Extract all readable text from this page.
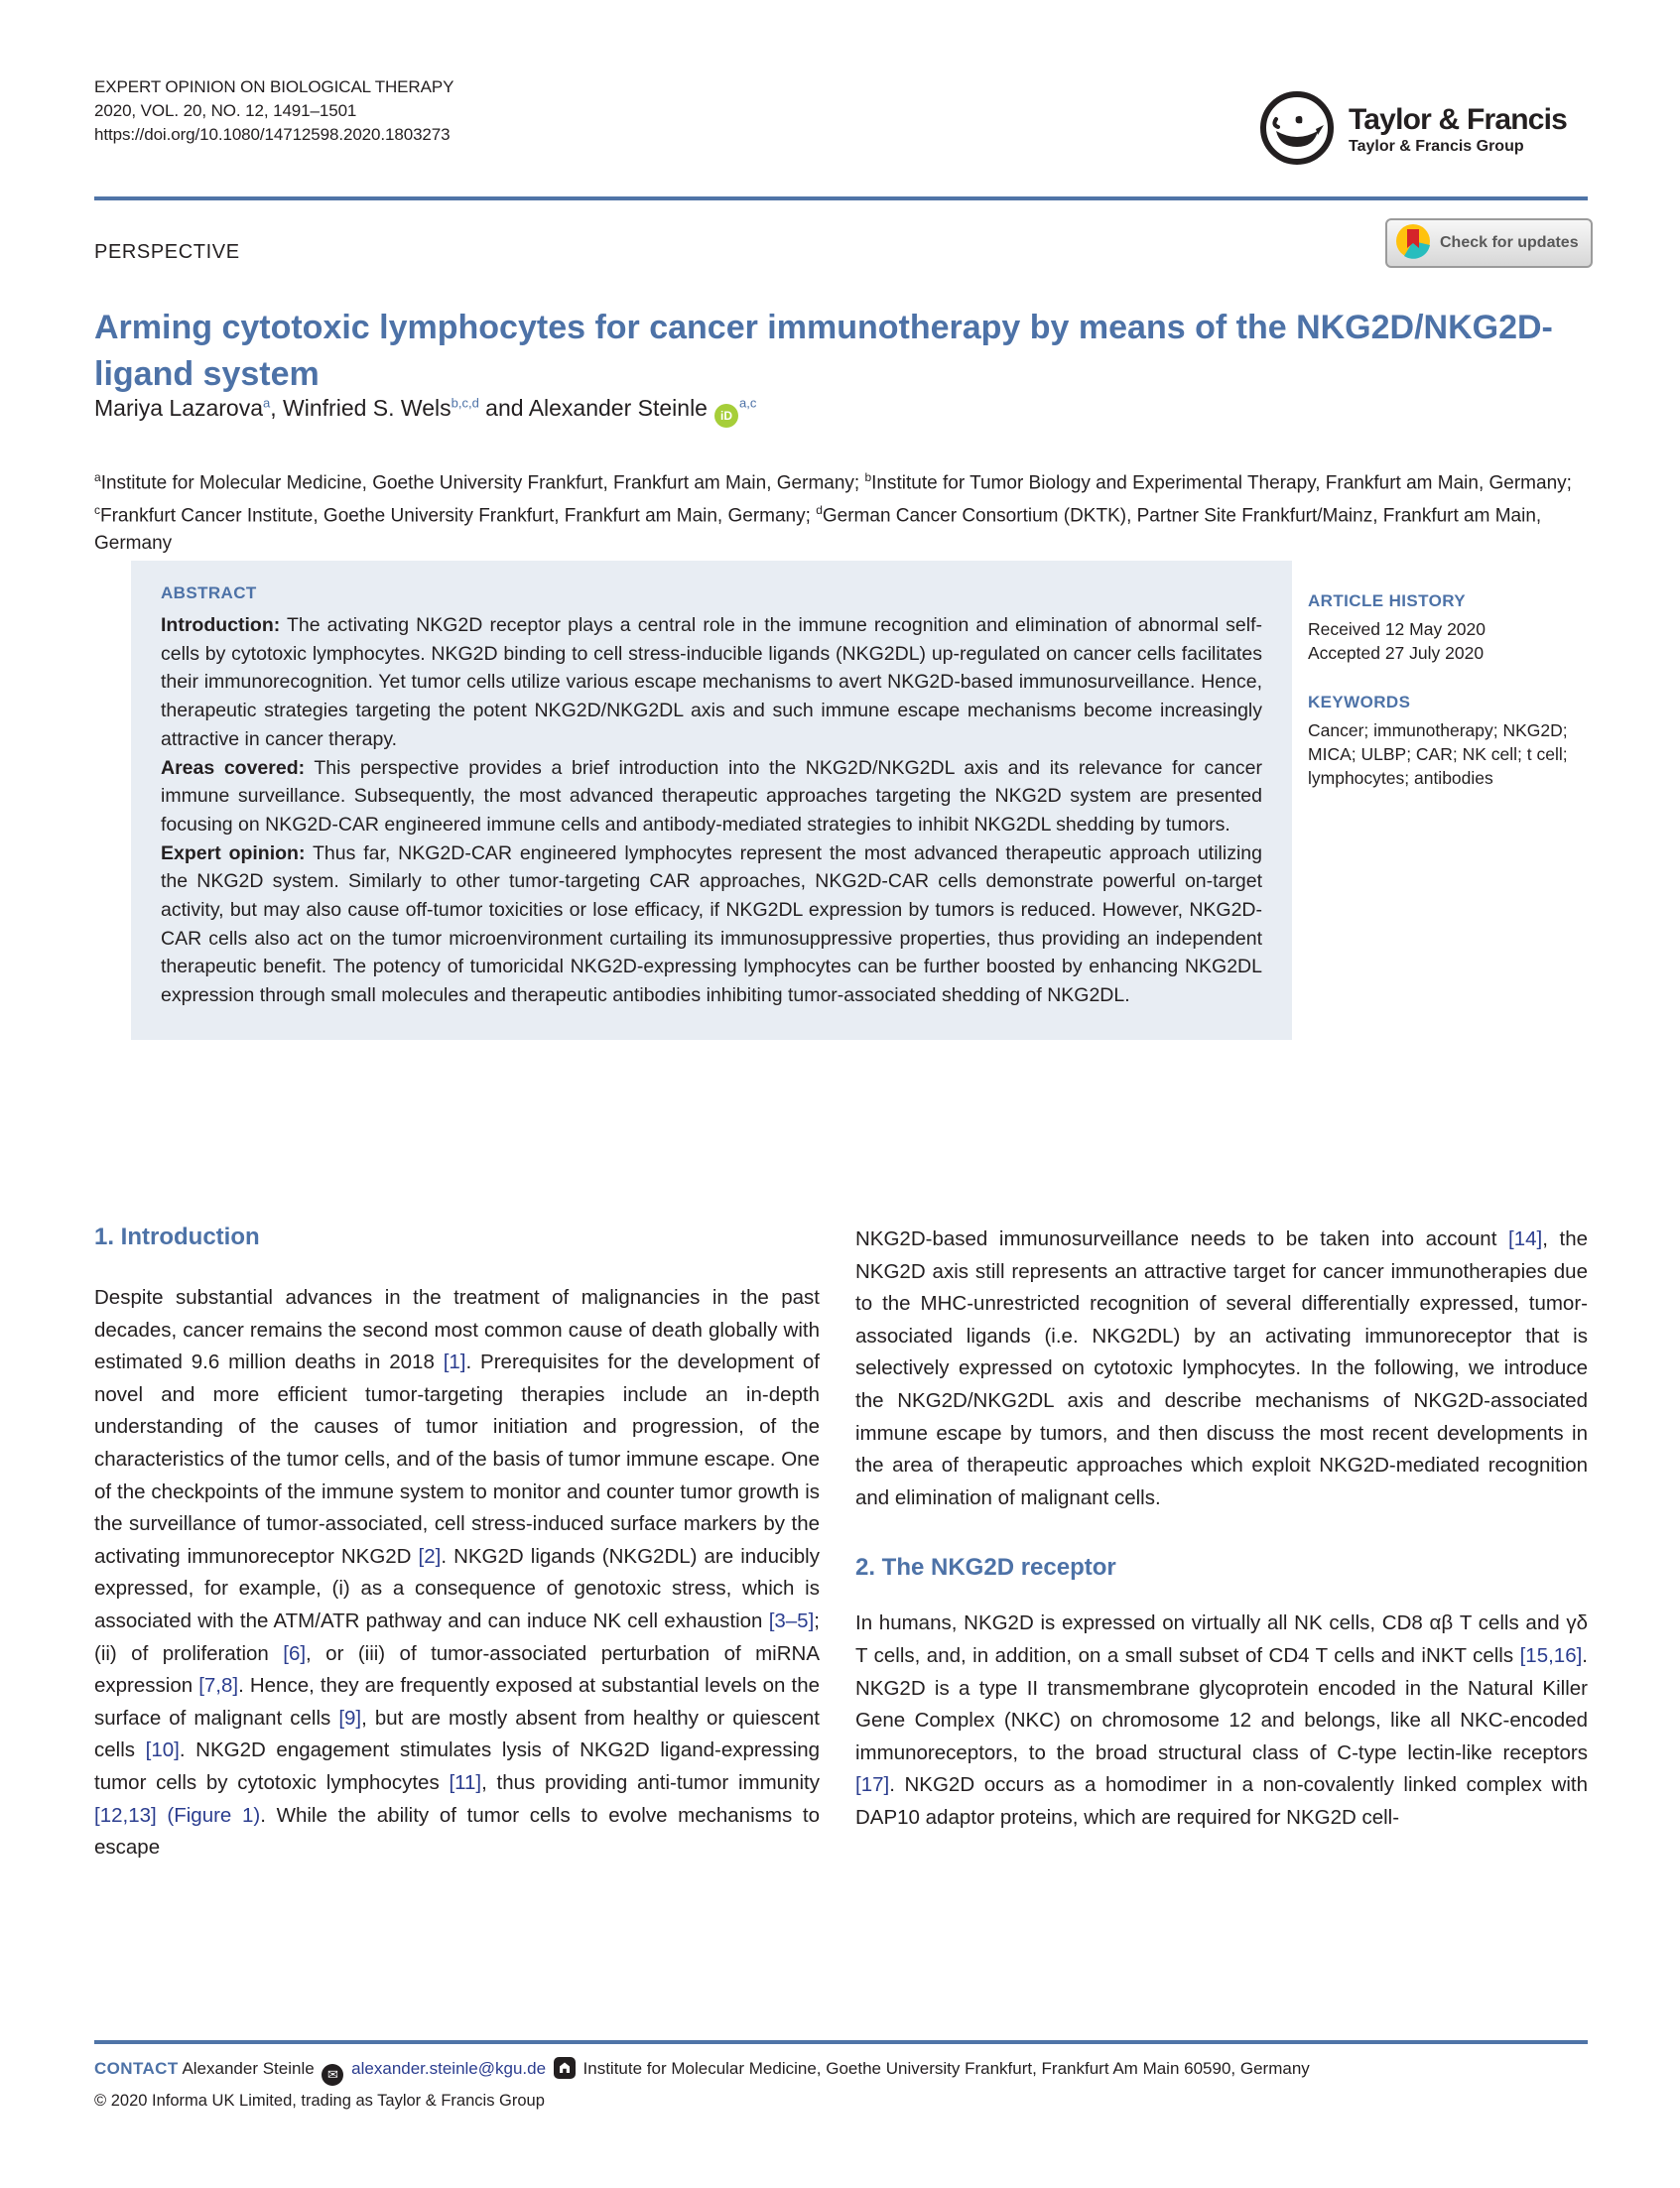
EXPERT OPINION ON BIOLOGICAL THERAPY
2020, VOL. 20, NO. 12, 1491–1501
https://doi.org/10.1080/14712598.2020.1803273	Taylor & Francis
Taylor & Francis Group
PERSPECTIVE	Check for updates
Arming cytotoxic lymphocytes for cancer immunotherapy by means of the NKG2D/NKG2D-ligand system
Mariya Lazarova$^a$, Winfried S. Wels$^{b,c,d}$ and Alexander Steinle iD$^{a,c}$

$^a$Institute for Molecular Medicine, Goethe University Frankfurt, Frankfurt am Main, Germany; $^b$Institute for Tumor Biology and Experimental Therapy, Frankfurt am Main, Germany; $^c$Frankfurt Cancer Institute, Goethe University Frankfurt, Frankfurt am Main, Germany; $^d$German Cancer Consortium (DKTK), Partner Site Frankfurt/Mainz, Frankfurt am Main, Germany

ABSTRACT

Introduction: The activating NKG2D receptor plays a central role in the immune recognition and elimination of abnormal self-cells by cytotoxic lymphocytes. NKG2D binding to cell stress-inducible ligands (NKG2DL) up-regulated on cancer cells facilitates their immunorecognition. Yet tumor cells utilize various escape mechanisms to avert NKG2D-based immunosurveillance. Hence, therapeutic strategies targeting the potent NKG2D/NKG2DL axis and such immune escape mechanisms become increasingly attractive in cancer therapy.

Areas covered: This perspective provides a brief introduction into the NKG2D/NKG2DL axis and its relevance for cancer immune surveillance. Subsequently, the most advanced therapeutic approaches targeting the NKG2D system are presented focusing on NKG2D-CAR engineered immune cells and antibody-mediated strategies to inhibit NKG2DL shedding by tumors.

Expert opinion: Thus far, NKG2D-CAR engineered lymphocytes represent the most advanced therapeutic approach utilizing the NKG2D system. Similarly to other tumor-targeting CAR approaches, NKG2D-CAR cells demonstrate powerful on-target activity, but may also cause off-tumor toxicities or lose efficacy, if NKG2DL expression by tumors is reduced. However, NKG2D-CAR cells also act on the tumor microenvironment curtailing its immunosuppressive properties, thus providing an independent therapeutic benefit. The potency of tumoricidal NKG2D-expressing lymphocytes can be further boosted by enhancing NKG2DL expression through small molecules and therapeutic antibodies inhibiting tumor-associated shedding of NKG2DL.

ARTICLE HISTORY
Received 12 May 2020
Accepted 27 July 2020
KEYWORDS
Cancer; immunotherapy; NKG2D; MICA; ULBP; CAR; NK cell; t cell; lymphocytes; antibodies
1. Introduction

Despite substantial advances in the treatment of malignancies in the past decades, cancer remains the second most common cause of death globally with estimated 9.6 million deaths in 2018 [1]. Prerequisites for the development of novel and more efficient tumor-targeting therapies include an in-depth understanding of the causes of tumor initiation and progression, of the characteristics of the tumor cells, and of the basis of tumor immune escape. One of the checkpoints of the immune system to monitor and counter tumor growth is the surveillance of tumor-associated, cell stress-induced surface markers by the activating immunoreceptor NKG2D [2]. NKG2D ligands (NKG2DL) are inducibly expressed, for example, (i) as a consequence of genotoxic stress, which is associated with the ATM/ATR pathway and can induce NK cell exhaustion [3–5]; (ii) of proliferation [6], or (iii) of tumor-associated perturbation of miRNA expression [7,8]. Hence, they are frequently exposed at substantial levels on the surface of malignant cells [9], but are mostly absent from healthy or quiescent cells [10]. NKG2D engagement stimulates lysis of NKG2D ligand-expressing tumor cells by cytotoxic lymphocytes [11], thus providing anti-tumor immunity [12,13] (Figure 1). While the ability of tumor cells to evolve mechanisms to escape

NKG2D-based immunosurveillance needs to be taken into account [14], the NKG2D axis still represents an attractive target for cancer immunotherapies due to the MHC-unrestricted recognition of several differentially expressed, tumor-associated ligands (i.e. NKG2DL) by an activating immunoreceptor that is selectively expressed on cytotoxic lymphocytes. In the following, we introduce the NKG2D/NKG2DL axis and describe mechanisms of NKG2D-associated immune escape by tumors, and then discuss the most recent developments in the area of therapeutic approaches which exploit NKG2D-mediated recognition and elimination of malignant cells.

2. The NKG2D receptor

In humans, NKG2D is expressed on virtually all NK cells, CD8 αβ T cells and γδ T cells, and, in addition, on a small subset of CD4 T cells and iNKT cells [15,16]. NKG2D is a type II transmembrane glycoprotein encoded in the Natural Killer Gene Complex (NKC) on chromosome 12 and belongs, like all NKC-encoded immunoreceptors, to the broad structural class of C-type lectin-like receptors [17]. NKG2D occurs as a homodimer in a non-covalently linked complex with DAP10 adaptor proteins, which are required for NKG2D cell-

CONTACT Alexander Steinle ✉ alexander.steinle@kgu.de Institute for Molecular Medicine, Goethe University Frankfurt, Frankfurt Am Main 60590, Germany
© 2020 Informa UK Limited, trading as Taylor & Francis Group
